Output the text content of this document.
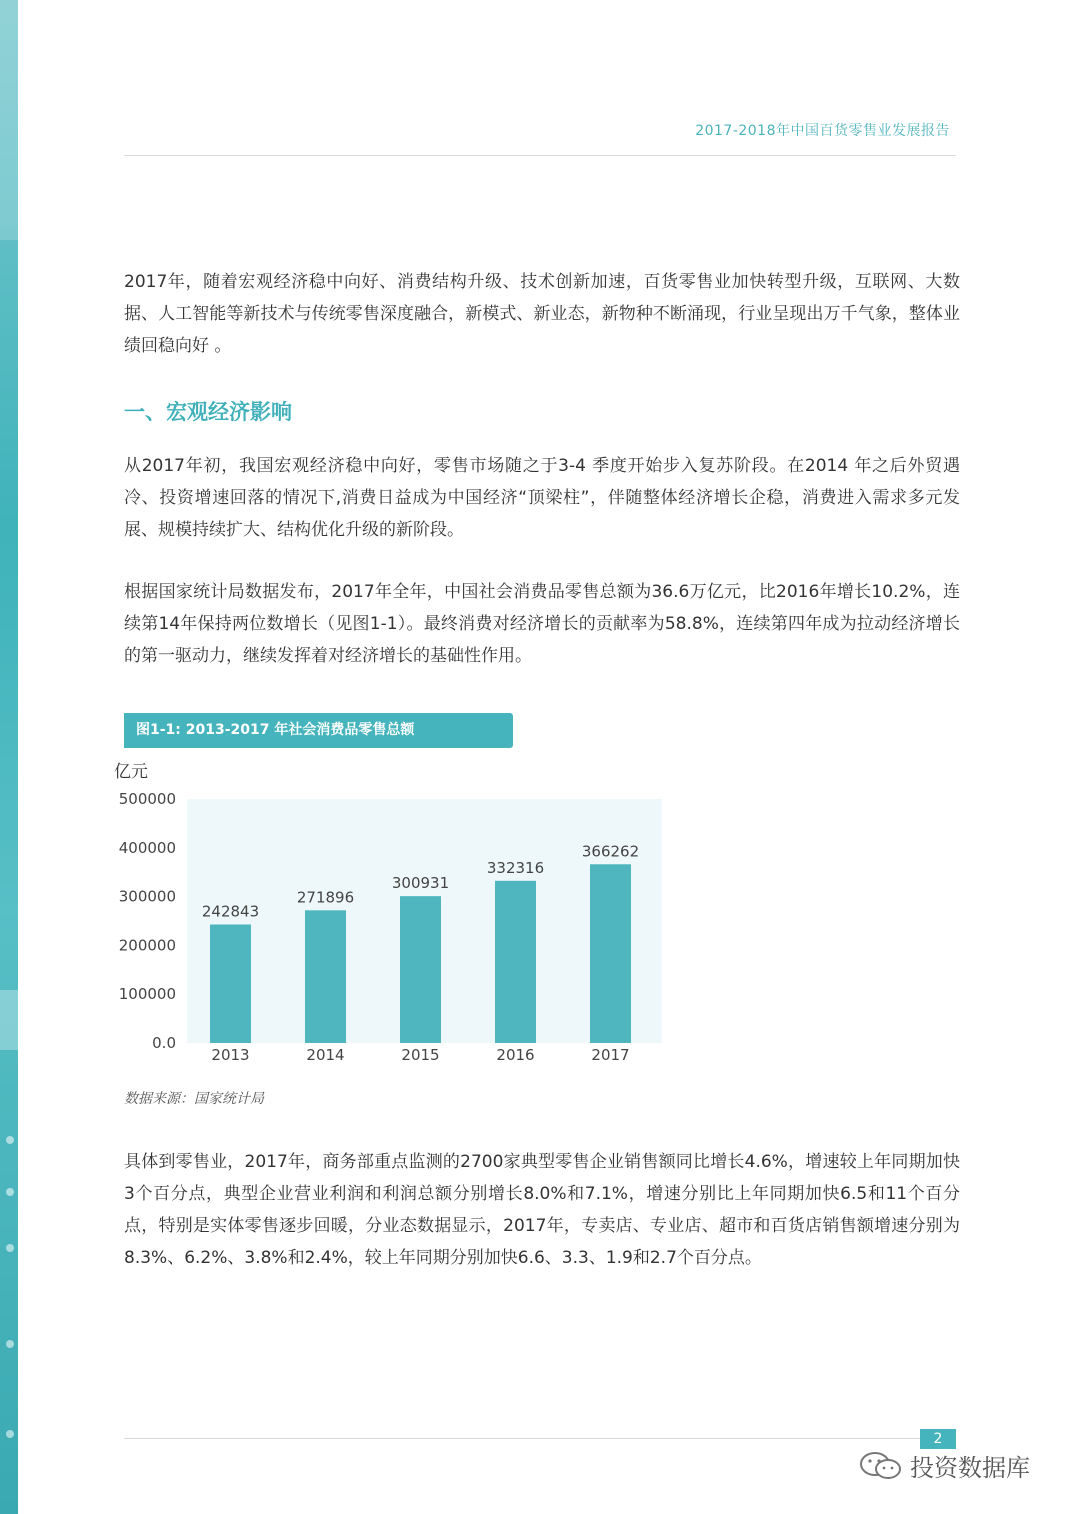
2017-2018年中国百货零售业发展报告
2017年，随着宏观经济稳中向好、消费结构升级、技术创新加速，百货零售业加快转型升级，互联网、大数据、人工智能等新技术与传统零售深度融合，新模式、新业态，新物种不断涌现，行业呈现出万千气象，整体业绩回稳向好 。
一、宏观经济影响
从2017年初，我国宏观经济稳中向好，零售市场随之于3-4 季度开始步入复苏阶段。在2014 年之后外贸遇冷、投资增速回落的情况下,消费日益成为中国经济“顶梁柱”，伴随整体经济增长企稳，消费进入需求多元发展、规模持续扩大、结构优化升级的新阶段。
根据国家统计局数据发布，2017年全年，中国社会消费品零售总额为36.6万亿元，比2016年增长10.2%，连续第14年保持两位数增长（见图1-1）。最终消费对经济增长的贡献率为58.8%，连续第四年成为拉动经济增长的第一驱动力，继续发挥着对经济增长的基础性作用。
图1-1: 2013-2017 年社会消费品零售总额
亿元
0.0
100000
200000
300000
400000
500000
242843
2013
271896
2014
300931
2015
332316
2016
366262
2017
数据来源：国家统计局
具体到零售业，2017年，商务部重点监测的2700家典型零售企业销售额同比增长4.6%，增速较上年同期加快3个百分点，典型企业营业利润和利润总额分别增长8.0%和7.1%，增速分别比上年同期加快6.5和11个百分点，特别是实体零售逐步回暖，分业态数据显示，2017年，专卖店、专业店、超市和百货店销售额增速分别为8.3%、6.2%、3.8%和2.4%，较上年同期分别加快6.6、3.3、1.9和2.7个百分点。
2
投资数据库
